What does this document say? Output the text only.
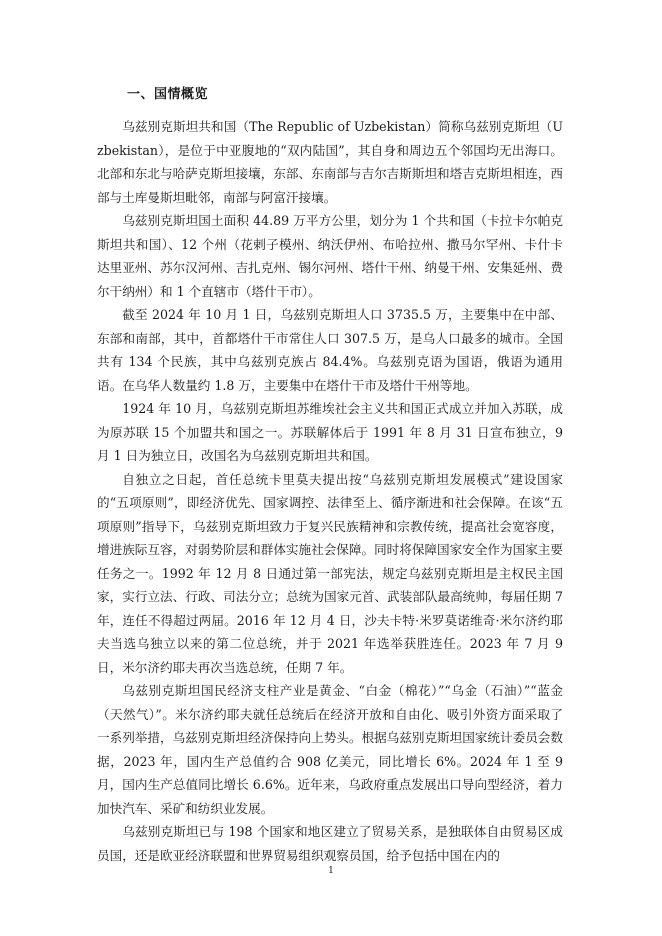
一、国情概览

乌兹别克斯坦共和国（The Republic of Uzbekistan）简称乌兹别克斯坦（Uzbekistan），是位于中亚腹地的“双内陆国”，其自身和周边五个邻国均无出海口。北部和东北与哈萨克斯坦接壤，东部、东南部与吉尔吉斯斯坦和塔吉克斯坦相连，西部与土库曼斯坦毗邻，南部与阿富汗接壤。

乌兹别克斯坦国土面积 44.89 万平方公里，划分为 1 个共和国（卡拉卡尔帕克斯坦共和国）、12 个州（花剌子模州、纳沃伊州、布哈拉州、撒马尔罕州、卡什卡达里亚州、苏尔汉河州、吉扎克州、锡尔河州、塔什干州、纳曼干州、安集延州、费尔干纳州）和 1 个直辖市（塔什干市）。

截至 2024 年 10 月 1 日，乌兹别克斯坦人口 3735.5 万，主要集中在中部、东部和南部，其中，首都塔什干市常住人口 307.5 万，是乌人口最多的城市。全国共有 134 个民族，其中乌兹别克族占 84.4%。乌兹别克语为国语，俄语为通用语。在乌华人数量约 1.8 万，主要集中在塔什干市及塔什干州等地。

1924 年 10 月，乌兹别克斯坦苏维埃社会主义共和国正式成立并加入苏联，成为原苏联 15 个加盟共和国之一。苏联解体后于 1991 年 8 月 31 日宣布独立，9 月 1 日为独立日，改国名为乌兹别克斯坦共和国。

自独立之日起，首任总统卡里莫夫提出按“乌兹别克斯坦发展模式”建设国家的“五项原则”，即经济优先、国家调控、法律至上、循序渐进和社会保障。在该“五项原则”指导下，乌兹别克斯坦致力于复兴民族精神和宗教传统，提高社会宽容度，增进族际互容，对弱势阶层和群体实施社会保障。同时将保障国家安全作为国家主要任务之一。1992 年 12 月 8 日通过第一部宪法，规定乌兹别克斯坦是主权民主国家，实行立法、行政、司法分立；总统为国家元首、武装部队最高统帅，每届任期 7 年，连任不得超过两届。2016 年 12 月 4 日，沙夫卡特·米罗莫诺维奇·米尔济约耶夫当选乌独立以来的第二位总统，并于 2021 年选举获胜连任。2023 年 7 月 9 日，米尔济约耶夫再次当选总统，任期 7 年。

乌兹别克斯坦国民经济支柱产业是黄金、“白金（棉花）”“乌金（石油）”“蓝金（天然气）”。米尔济约耶夫就任总统后在经济开放和自由化、吸引外资方面采取了一系列举措，乌兹别克斯坦经济保持向上势头。根据乌兹别克斯坦国家统计委员会数据，2023 年，国内生产总值约合 908 亿美元，同比增长 6%。2024 年 1 至 9 月，国内生产总值同比增长 6.6%。近年来，乌政府重点发展出口导向型经济，着力加快汽车、采矿和纺织业发展。

乌兹别克斯坦已与 198 个国家和地区建立了贸易关系，是独联体自由贸易区成员国，还是欧亚经济联盟和世界贸易组织观察员国，给予包括中国在内的

1
